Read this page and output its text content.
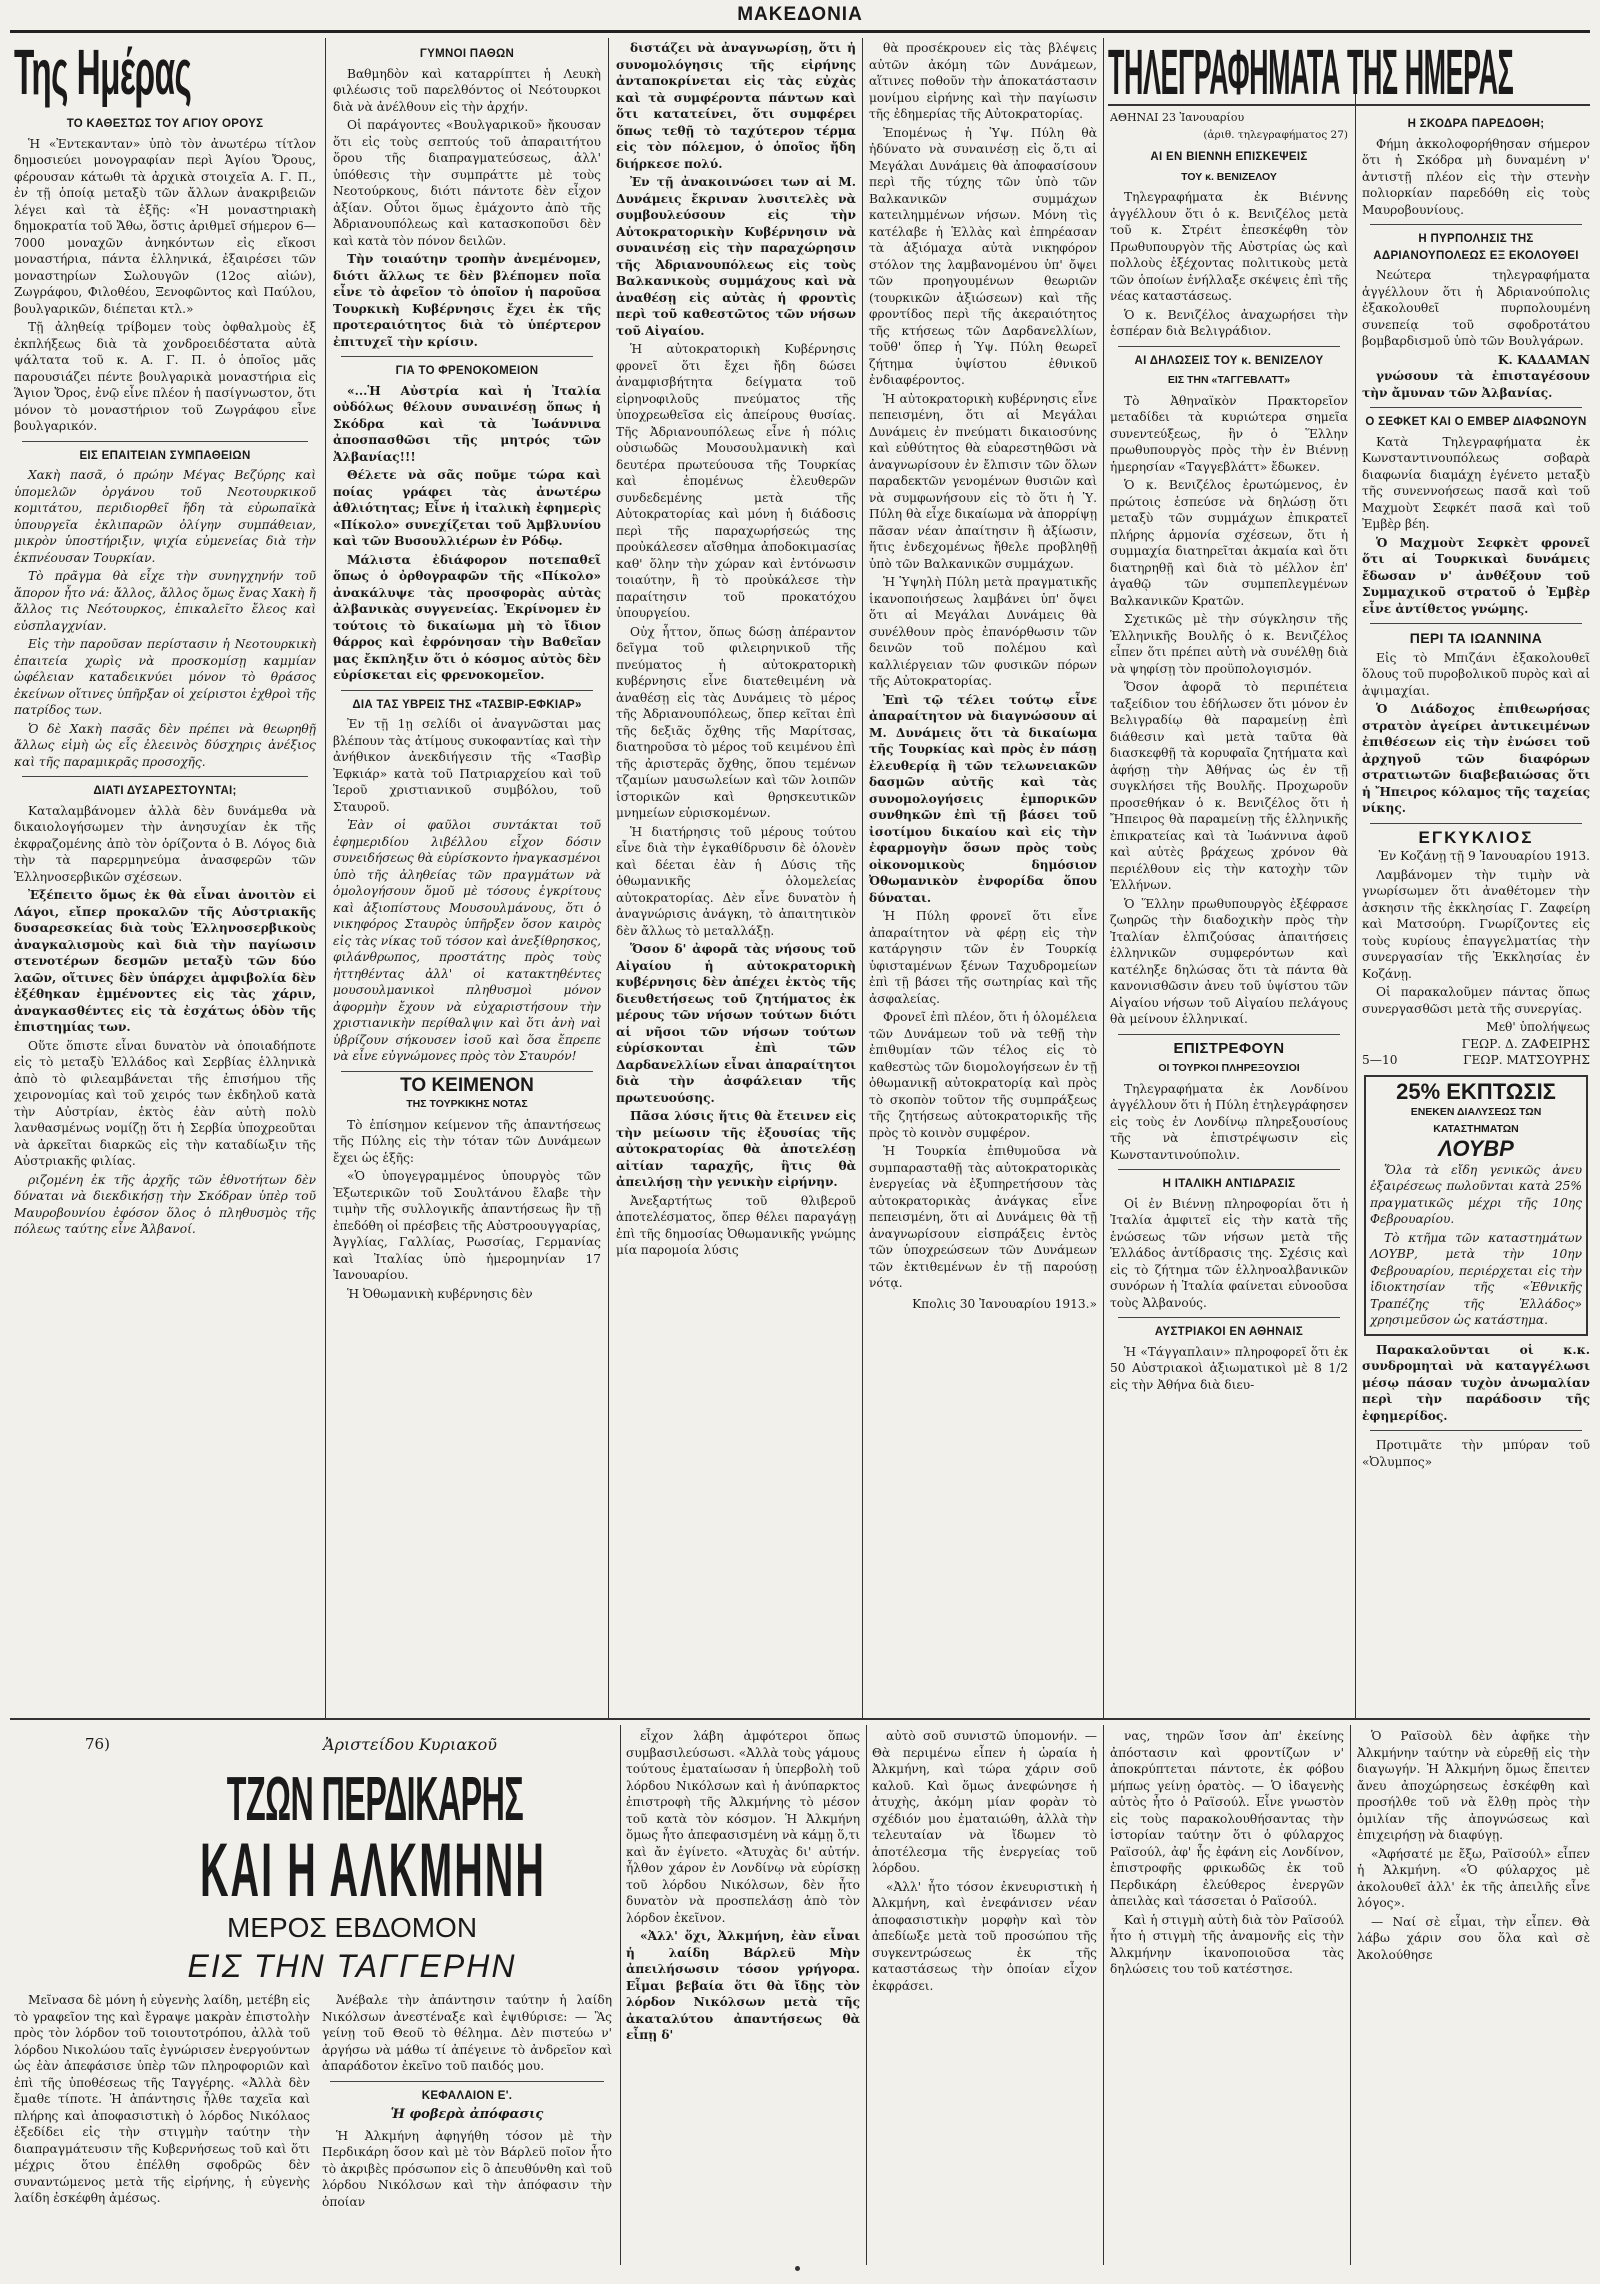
ΜΑΚΕΔΟΝΙΑ
Της Ημέρας
ΤΟ ΚΑΘΕΣΤΩΣ ΤΟΥ ΑΓΙΟΥ ΟΡΟΥΣ

Ἡ «Ἐντεκανταν» ὑπὸ τὸν ἀνωτέρω τίτλον δημοσιεύει μονογραφίαν περὶ Ἁγίου Ὄρους, φέρουσαν κάτωθι τὰ ἀρχικὰ στοιχεῖα Α. Γ. Π., ἐν τῇ ὁποίᾳ μεταξὺ τῶν ἄλλων ἀνακριβειῶν λέγει καὶ τὰ ἑξῆς: «Ἡ μοναστηριακὴ δημοκρατία τοῦ Ἄθω, ὅστις ἀριθμεῖ σήμερον 6—7000 μοναχῶν ἀνηκόντων εἰς εἴκοσι μοναστήρια, πάντα ἑλληνικά, ἐξαιρέσει τῶν μοναστηρίων Σωλουγῶν (12ος αἰών), Ζωγράφου, Φιλοθέου, Ξενοφῶντος καὶ Παύλου, βουλγαρικῶν, διέπεται κτλ.»

Τῇ ἀληθείᾳ τρίβομεν τοὺς ὀφθαλμοὺς ἐξ ἐκπλήξεως διὰ τὰ χονδροειδέστατα αὐτὰ ψάλτατα τοῦ κ. Α. Γ. Π. ὁ ὁποῖος μᾶς παρουσιάζει πέντε βουλγαρικὰ μοναστήρια εἰς Ἅγιον Ὄρος, ἐνῷ εἶνε πλέον ἡ πασίγνωστον, ὅτι μόνον τὸ μοναστήριον τοῦ Ζωγράφου εἶνε βουλγαρικόν.

ΕΙΣ ΕΠΑΙΤΕΙΑΝ ΣΥΜΠΑΘΕΙΩΝ

Χακὴ πασᾶ, ὁ πρώην Μέγας Βεζύρης καὶ ὑπομελῶν ὀργάνου τοῦ Νεοτουρκικοῦ κομιτάτου, περιδιορθεῖ ἤδη τὰ εὐρωπαϊκὰ ὑπουργεῖα ἐκλιπαρῶν ὀλίγην συμπάθειαν, μικρὸν ὑποστήριξιν, ψιχία εὐμενείας διὰ τὴν ἑκπνέουσαν Τουρκίαν.

Τὸ πρᾶγμα θὰ εἶχε τὴν συνηγχηνήν τοῦ ἅπορον ἦτο νά: ἄλλος, ἄλλος ὅμως ἔνας Χακὴ ἤ ἄλλος τις Νεότουρκος, ἐπικαλεῖτο ἔλεος καὶ εὐσπλαγχνίαν.

Εἰς τὴν παροῦσαν περίστασιν ἡ Νεοτουρκικὴ ἐπαιτεία χωρὶς νὰ προσκομίσῃ καμμίαν ὠφέλειαν καταδεικνύει μόνον τὸ θράσος ἐκείνων οἵτινες ὑπῆρξαν οἱ χείριστοι ἐχθροὶ τῆς πατρίδος των.

Ὁ δὲ Χακὴ πασᾶς δὲν πρέπει νὰ θεωρηθῇ ἄλλως εἰμὴ ὡς εἷς ἐλεεινὸς δύσχηρις ἀνέξιος καὶ τῆς παραμικρᾶς προσοχῆς.

ΔΙΑΤΙ ΔΥΣΑΡΕΣΤΟΥΝΤΑΙ;

Καταλαμβάνομεν ἀλλὰ δὲν δυνάμεθα νὰ δικαιολογήσωμεν τὴν ἀνησυχίαν ἐκ τῆς ἐκφραζομένης ἀπὸ τὸν ὁρίζοντα ὁ Β. Λόγος διὰ τὴν τὰ παρερμηνεύμα ἀνασφερῶν τῶν Ἑλληνοσερβικῶν σχέσεων.

Ἐξέπειτο ὅμως ἐκ θὰ εἶναι ἀνοιτὸν εἰ Λάγοι, εἴπερ προκαλῶν τῆς Αὐστριακῆς δυσαρεσκείας διὰ τοὺς Ἑλληνοσερβικοὺς ἀναγκαλισμοὺς καὶ διὰ τὴν παγίωσιν στενοτέρων δεσμῶν μεταξὺ τῶν δύο λαῶν, οἵτινες δὲν ὑπάρχει ἀμφιβολία δὲν ἐξέθηκαν ἐμμένοντες εἰς τὰς χάριν, ἀναγκασθέντες εἰς τὰ ἐσχάτως ὁδὸν τῆς ἐπιστημίας των.

Οὕτε ὅπιστε εἶναι δυνατὸν νὰ ὁποιαδήποτε εἰς τὸ μεταξὺ Ἑλλάδος καὶ Σερβίας ἑλληνικὰ ἀπὸ τὸ φιλεαμβάνεται τῆς ἐπισήμου τῆς χειρονομίας καὶ τοῦ χειρός των ἐκδηλοῦ κατὰ τὴν Αὐστρίαν, ἐκτὸς ἐὰν αὐτὴ πολὺ λανθασμένως νομίζῃ ὅτι ἡ Σερβία ὑποχρεοῦται νὰ ἀρκεῖται διαρκῶς εἰς τὴν καταδίωξιν τῆς Αὐστριακῆς φιλίας.

ριζομένη ἐκ τῆς ἀρχῆς τῶν ἐθνοτήτων δὲν δύναται νὰ διεκδικήσῃ τὴν Σκόδραν ὑπὲρ τοῦ Μαυροβουνίου ἐφόσον ὅλος ὁ πληθυσμὸς τῆς πόλεως ταύτης εἶνε Ἀλβανοί.

ΓΥΜΝΟΙ ΠΑΘΩΝ

Βαθμηδὸν καὶ καταρρίπτει ἡ Λευκὴ φιλέωσις τοῦ παρελθόντος οἱ Νεότουρκοι διὰ νὰ ἀνέλθουν εἰς τὴν ἀρχήν.

Οἱ παράγοντες «Βουλγαρικοῦ» ἤκουσαν ὅτι εἰς τοὺς σεπτούς τοῦ ἀπαραιτήτου ὅρου τῆς διαπραγματεύσεως, ἀλλ' ὑπόθεσις τὴν συμπράττε μὲ τοὺς Νεοτούρκους, διότι πάντοτε δὲν εἶχον ἀξίαν. Οὗτοι ὅμως ἐμάχοντο ἀπὸ τῆς Ἀδριανουπόλεως καὶ κατασκοποῦσι δὲν καὶ κατὰ τὸν πόνον δειλῶν.

Τὴν τοιαύτην τροπὴν ἀνεμένομεν, διότι ἄλλως τε δὲν βλέπομεν ποῖα εἶνε τὸ ἀφεῖον τὸ ὁποῖον ἡ παροῦσα Τουρκικὴ Κυβέρνησις ἔχει ἐκ τῆς προτεραιότητος διὰ τὸ ὑπέρτερον ἐπιτυχεῖ τὴν κρίσιν.

ΓΙΑ ΤΟ ΦΡΕΝΟΚΟΜΕΙΟΝ

«...Ἡ Αὐστρία καὶ ἡ Ἰταλία οὐδόλως θέλουν συναινέσῃ ὅπως ἡ Σκόδρα καὶ τὰ Ἰωάννινα ἀποσπασθῶσι τῆς μητρός τῶν Ἀλβανίας!!!

Θέλετε νὰ σᾶς ποῦμε τώρα καὶ ποίας γράφει τὰς ἀνωτέρω ἀθλιότητας; Εἶνε ἡ ἰταλικὴ ἐφημερὶς «Πίκολο» συνεχίζεται τοῦ Ἀμβλυνίου καὶ τῶν Βυσουλλιέρων ἐν Ρόδῳ.

Μάλιστα ἐδιάφορον ποτεπαθεῖ ὅπως ὁ ὀρθογραφῶν τῆς «Πίκολο» ἀνακάλυψε τὰς προσφορὰς αὐτὰς ἀλβανικὰς συγγενείας. Ἐκρίνομεν ἐν τούτοις τὸ δικαίωμα μὴ τὸ ἴδιον θάρρος καὶ ἐφρόνησαν τὴν Βαθεῖαν μας ἔκπληξιν ὅτι ὁ κόσμος αὐτὸς δὲν εὑρίσκεται εἰς φρενοκομεῖον.

ΔΙΑ ΤΑΣ ΥΒΡΕΙΣ ΤΗΣ «ΤΑΣΒΙΡ-ΕΦΚΙΑΡ»

Ἐν τῇ 1ῃ σελίδι οἱ ἀναγνῶσται μας βλέπουν τὰς ἀτίμους συκοφαντίας καὶ τὴν ἀνήθικον ἀνεκδιήγεσιν τῆς «Τασβὶρ Ἐφκιάρ» κατὰ τοῦ Πατριαρχείου καὶ τοῦ Ἱεροῦ χριστιανικοῦ συμβόλου, τοῦ Σταυροῦ.

Ἐὰν οἱ φαῦλοι συντάκται τοῦ ἐφημεριδίου λιβέλλου εἶχον δόσιν συνειδήσεως θὰ εὑρίσκοντο ἠναγκασμένοι ὑπὸ τῆς ἀληθείας τῶν πραγμάτων νὰ ὁμολογήσουν ὅμοῦ μὲ τόσους ἐγκρίτους καὶ ἀξιοπίστους Μουσουλμάνους, ὅτι ὁ νικηφόρος Σταυρὸς ὑπῆρξεν ὅσον καιρὸς εἰς τὰς νίκας τοῦ τόσον καὶ ἀνεξίθρησκος, φιλάνθρωπος, προστάτης πρὸς τοὺς ἠττηθέντας ἀλλ' οἱ κατακτηθέντες μουσουλμανικοὶ πληθυσμοὶ μόνον ἀφορμὴν ἔχουν νὰ εὐχαριστήσουν τὴν χριστιανικὴν περίθαλψιν καὶ ὅτι ἀνὴ ναὶ ὑβρίζουν σήκουσεν ἰσοῦ καὶ ὅσα ἔπρεπε νὰ εἶνε εὐγνώμονες πρὸς τὸν Σταυρόν!

ΤΟ ΚΕΙΜΕΝΟΝ
ΤΗΣ ΤΟΥΡΚΙΚΗΣ ΝΟΤΑΣ

Τὸ ἐπίσημον κείμενον τῆς ἀπαντήσεως τῆς Πύλης εἰς τὴν τόταν τῶν Δυνάμεων ἔχει ὡς ἑξῆς:

«Ὁ ὑπογεγραμμένος ὑπουργὸς τῶν Ἐξωτερικῶν τοῦ Σουλτάνου ἔλαβε τὴν τιμὴν τῆς συλλογικῆς ἀπαντήσεως ἣν τῇ ἐπεδόθη οἱ πρέσβεις τῆς Αὐστροουγγαρίας, Ἀγγλίας, Γαλλίας, Ρωσσίας, Γερμανίας καὶ Ἰταλίας ὑπὸ ἡμερομηνίαν 17 Ἰανουαρίου.

Ἡ Ὀθωμανικὴ κυβέρνησις δὲν

διστάζει νὰ ἀναγνωρίσῃ, ὅτι ἡ συνομολόγησις τῆς εἰρήνης ἀνταποκρίνεται εἰς τὰς εὐχὰς καὶ τὰ συμφέροντα πάντων καὶ ὅτι κατατείνει, ὅτι συμφέρει ὅπως τεθῇ τὸ ταχύτερον τέρμα εἰς τὸν πόλεμον, ὁ ὁποῖος ἤδη διήρκεσε πολύ.

Ἐν τῇ ἀνακοινώσει των αἱ Μ. Δυνάμεις ἔκριναν λυσιτελὲς νὰ συμβουλεύσουν εἰς τὴν Αὐτοκρατορικὴν Κυβέρνησιν νὰ συναινέσῃ εἰς τὴν παραχώρησιν τῆς Ἀδριανουπόλεως εἰς τοὺς Βαλκανικοὺς συμμάχους καὶ νὰ ἀναθέσῃ εἰς αὐτὰς ἡ φροντὶς περὶ τοῦ καθεστῶτος τῶν νήσων τοῦ Αἰγαίου.

Ἡ αὐτοκρατορικὴ Κυβέρνησις φρονεῖ ὅτι ἔχει ἤδη δώσει ἀναμφισβήτητα δείγματα τοῦ εἰρηνοφιλοῦς πνεύματος τῆς ὑποχρεωθεῖσα εἰς ἀπείρους θυσίας. Τῆς Ἀδριανουπόλεως εἶνε ἡ πόλις οὐσιωδῶς Μουσουλμανικὴ καὶ δευτέρα πρωτεύουσα τῆς Τουρκίας καὶ ἐπομένως ἐλευθερῶν συνδεδεμένης μετὰ τῆς Αὐτοκρατορίας καὶ μόνη ἡ διάδοσις περὶ τῆς παραχωρήσεώς της προὐκάλεσεν αἴσθημα ἀποδοκιμασίας καθ' ὅλην τὴν χώραν καὶ ἐντόνωσιν τοιαύτην, ἢ τὸ προὐκάλεσε τὴν παραίτησιν τοῦ προκατόχου ὑπουργείου.

Οὐχ ἧττον, ὅπως δώσῃ ἀπέραντον δεῖγμα τοῦ φιλειρηνικοῦ τῆς πνεύματος ἡ αὐτοκρατορικὴ κυβέρνησις εἶνε διατεθειμένη νὰ ἀναθέσῃ εἰς τὰς Δυνάμεις τὸ μέρος τῆς Ἀδριανουπόλεως, ὅπερ κεῖται ἐπὶ τῆς δεξιᾶς ὄχθης τῆς Μαρίτσας, διατηροῦσα τὸ μέρος τοῦ κειμένου ἐπὶ τῆς ἀριστερᾶς ὄχθης, ὅπου τεμένων τζαμίων μαυσωλείων καὶ τῶν λοιπῶν ἱστορικῶν καὶ θρησκευτικῶν μνημείων εὑρισκομένων.

Ἡ διατήρησις τοῦ μέρους τούτου εἶνε διὰ τὴν ἐγκαθίδρυσιν δὲ ὁλονὲν καὶ δέεται ἐὰν ἡ Δύσις τῆς ὀθωμανικῆς ὁλομελείας αὐτοκρατορίας. Δὲν εἶνε δυνατὸν ἡ ἀναγνώρισις ἀνάγκη, τὸ ἀπαιτητικὸν δὲν ἄλλως τὸ μεταλλάξῃ.

Ὅσον δ' ἀφορᾶ τὰς νήσους τοῦ Αἰγαίου ἡ αὐτοκρατορικὴ κυβέρνησις δὲν ἀπέχει ἐκτὸς τῆς διευθετήσεως τοῦ ζητήματος ἐκ μέρους τῶν νήσων τούτων διότι αἱ νῆσοι τῶν νήσων τούτων εὑρίσκονται ἐπὶ τῶν Δαρδανελλίων εἶναι ἀπαραίτητοι διὰ τὴν ἀσφάλειαν τῆς πρωτευούσης.

Πᾶσα λύσις ἥτις θὰ ἔτεινεν εἰς τὴν μείωσιν τῆς ἐξουσίας τῆς αὐτοκρατορίας θὰ ἀποτελέσῃ αἰτίαν ταραχῆς, ἣτις θὰ ἀπειλήσῃ τὴν γενικὴν εἰρήνην.

Ἀνεξαρτήτως τοῦ θλιβεροῦ ἀποτελέσματος, ὅπερ θέλει παραγάγῃ ἐπὶ τῆς δημοσίας Ὀθωμανικῆς γνώμης μία παρομοία λύσις

θὰ προσέκρουεν εἰς τὰς βλέψεις αὐτῶν ἀκόμη τῶν Δυνάμεων, αἵτινες ποθοῦν τὴν ἀποκατάστασιν μονίμου εἰρήνης καὶ τὴν παγίωσιν τῆς ἐδημερίας τῆς Αὐτοκρατορίας.

Ἐπομένως ἡ Ὑψ. Πύλη θὰ ἠδύνατο νὰ συναινέσῃ εἰς ὅ,τι αἱ Μεγάλαι Δυνάμεις θὰ ἀποφασίσουν περὶ τῆς τύχης τῶν ὑπὸ τῶν Βαλκανικῶν συμμάχων κατειλημμένων νήσων. Μόνη τὶς κατέλαβε ἡ Ἑλλὰς καὶ ἐπηρέασαν τὰ ἀξιόμαχα αὐτὰ νικηφόρον στόλον της λαμβανομένου ὑπ' ὄψει τῶν προηγουμένων θεωριῶν (τουρκικῶν ἀξιώσεων) καὶ τῆς φροντίδος περὶ τῆς ἀκεραιότητος τῆς κτήσεως τῶν Δαρδανελλίων, τοῦθ' ὅπερ ἡ Ὑψ. Πύλη θεωρεῖ ζήτημα ὑψίστου ἐθνικοῦ ἐνδιαφέροντος.

Ἡ αὐτοκρατορικὴ κυβέρνησις εἶνε πεπεισμένη, ὅτι αἱ Μεγάλαι Δυνάμεις ἐν πνεύματι δικαιοσύνης καὶ εὐθύτητος θὰ εὐαρεστηθῶσι νὰ ἀναγνωρίσουν ἐν ἔλπισιν τῶν ὅλων παραδεκτῶν γενομένων θυσιῶν καὶ νὰ συμφωνήσουν εἰς τὸ ὅτι ἡ Ὑ. Πύλη θὰ εἶχε δικαίωμα νὰ ἀπορρίψῃ πᾶσαν νέαν ἀπαίτησιν ἢ ἀξίωσιν, ἥτις ἐνδεχομένως ἤθελε προβληθῇ ὑπὸ τῶν Βαλκανικῶν συμμάχων.

Ἡ Ὑψηλὴ Πύλη μετὰ πραγματικῆς ἱκανοποιήσεως λαμβάνει ὑπ' ὄψει ὅτι αἱ Μεγάλαι Δυνάμεις θὰ συνέλθουν πρὸς ἐπανόρθωσιν τῶν δεινῶν τοῦ πολέμου καὶ καλλιέργειαν τῶν φυσικῶν πόρων τῆς Αὐτοκρατορίας.

Ἐπὶ τῷ τέλει τούτῳ εἶνε ἀπαραίτητον νὰ διαγνώσουν αἱ Μ. Δυνάμεις ὅτι τὰ δικαίωμα τῆς Τουρκίας καὶ πρὸς ἐν πάσῃ ἐλευθερίᾳ ἢ τῶν τελωνειακῶν δασμῶν αὐτῆς καὶ τὰς συνομολογήσεις ἐμπορικῶν συνθηκῶν ἐπὶ τῇ βάσει τοῦ ἰσοτίμου δικαίου καὶ εἰς τὴν ἐφαρμογὴν ὅσων πρὸς τοὺς οἰκονομικοὺς δημόσιον Ὀθωμανικὸν ἐνφορίδα ὅπου δύναται.

Ἡ Πύλη φρονεῖ ὅτι εἶνε ἀπαραίτητον νὰ φέρῃ εἰς τὴν κατάργησιν τῶν ἐν Τουρκίᾳ ὑφισταμένων ξένων Ταχυδρομείων ἐπὶ τῇ βάσει τῆς σωτηρίας καὶ τῆς ἀσφαλείας.

Φρονεῖ ἐπὶ πλέον, ὅτι ἡ ὁλομέλεια τῶν Δυνάμεων τοῦ νὰ τεθῇ τὴν ἐπιθυμίαν τῶν τέλος εἰς τὸ καθεστὼς τῶν διομολογήσεων ἐν τῇ ὀθωμανικῇ αὐτοκρατορίᾳ καὶ πρὸς τὸ σκοπὸν τοῦτον τῆς συμπράξεως τῆς ζητήσεως αὐτοκρατορικῆς τῆς πρὸς τὸ κοινὸν συμφέρον.

Ἡ Τουρκία ἐπιθυμοῦσα νὰ συμπαρασταθῇ τὰς αὐτοκρατορικὰς ἐνεργείας νὰ ἐξυπηρετήσουν τὰς αὐτοκρατορικὰς ἀνάγκας εἶνε πεπεισμένη, ὅτι αἱ Δυνάμεις θὰ τῇ ἀναγνωρίσουν εἰσπράξεις ἐντὸς τῶν ὑποχρεώσεων τῶν Δυνάμεων τῶν ἐκτιθεμένων ἐν τῇ παρούσῃ νότᾳ.

Κπολις 30 Ἰανουαρίου 1913.»
ΤΗΛΕΓΡΑΦΗΜΑΤΑ ΤΗΣ ΗΜΕΡΑΣ
ΑΘΗΝΑΙ 23 Ἰανουαρίου
(ἀριθ. τηλεγραφήματος 27)
ΑΙ ΕΝ ΒΙΕΝΝΗ ΕΠΙΣΚΕΨΕΙΣ
ΤΟΥ κ. ΒΕΝΙΖΕΛΟΥ

Τηλεγραφήματα ἐκ Βιέννης ἀγγέλλουν ὅτι ὁ κ. Βενιζέλος μετὰ τοῦ κ. Στρέιτ ἐπεσκέφθη τὸν Πρωθυπουργὸν τῆς Αὐστρίας ὡς καὶ πολλοὺς ἐξέχοντας πολιτικοὺς μετὰ τῶν ὁποίων ἐνήλλαξε σκέψεις ἐπὶ τῆς νέας καταστάσεως.

Ὁ κ. Βενιζέλος ἀναχωρήσει τὴν ἑσπέραν διὰ Βελιγράδιον.

ΑΙ ΔΗΛΩΣΕΙΣ ΤΟΥ κ. ΒΕΝΙΖΕΛΟΥ
ΕΙΣ ΤΗΝ «ΤΑΓΓΕΒΛΑΤΤ»

Τὸ Ἀθηναϊκὸν Πρακτορεῖον μεταδίδει τὰ κυριώτερα σημεῖα συνεντεύξεως, ἣν ὁ Ἕλλην πρωθυπουργὸς πρὸς τὴν ἐν Βιέννῃ ἡμερησίαν «Ταγγεβλάττ» ἔδωκεν.

Ὁ κ. Βενιζέλος ἐρωτώμενος, ἐν πρώτοις ἐσπεύσε νὰ δηλώσῃ ὅτι μεταξὺ τῶν συμμάχων ἐπικρατεῖ πλήρης ἁρμονία σχέσεων, ὅτι ἡ συμμαχία διατηρεῖται ἀκμαία καὶ ὅτι διατηρηθῇ καὶ διὰ τὸ μέλλον ἐπ' ἀγαθῷ τῶν συμπεπλεγμένων Βαλκανικῶν Κρατῶν.

Σχετικῶς μὲ τὴν σύγκλησιν τῆς Ἑλληνικῆς Βουλῆς ὁ κ. Βενιζέλος εἶπεν ὅτι πρέπει αὐτὴ νὰ συνέλθῃ διὰ νὰ ψηφίσῃ τὸν προϋπολογισμόν.

Ὅσον ἀφορᾶ τὸ περιπέτεια ταξείδιον του ἐδήλωσεν ὅτι μόνον ἐν Βελιγραδίῳ θὰ παραμείνῃ ἐπὶ διάθεσιν καὶ μετὰ ταῦτα θὰ διασκεφθῇ τὰ κορυφαῖα ζητήματα καὶ ἀφήσῃ τὴν Ἀθήνας ὡς ἐν τῇ συγκλήσει τῆς Βουλῆς. Προχωροῦν προσεθήκαν ὁ κ. Βενιζέλος ὅτι ἡ Ἤπειρος θὰ παραμείνῃ τῆς ἑλληνικῆς ἐπικρατείας καὶ τὰ Ἰωάννινα ἀφοῦ καὶ αὐτὲς βράχεως χρόνον θὰ περιέλθουν εἰς τὴν κατοχὴν τῶν Ἑλλήνων.

Ὁ Ἕλλην πρωθυπουργὸς ἐξέφρασε ζωηρῶς τὴν διαδοχικὴν πρὸς τὴν Ἰταλίαν ἐλπιζούσας ἀπαιτήσεις ἑλληνικῶν συμφερόντων καὶ κατέληξε δηλώσας ὅτι τὰ πάντα θὰ κανονισθῶσιν ἀνευ τοῦ ὑψίστου τῶν Αἰγαίου νήσων τοῦ Αἰγαίου πελάγους θὰ μείνουν ἑλληνικαί.

ΕΠΙΣΤΡΕΦΟΥΝ
ΟΙ ΤΟΥΡΚΟΙ ΠΛΗΡΕΞΟΥΣΙΟΙ

Τηλεγραφήματα ἐκ Λονδίνου ἀγγέλλουν ὅτι ἡ Πύλη ἐτηλεγράφησεν εἰς τοὺς ἐν Λονδίνῳ πληρεξουσίους τῆς νὰ ἐπιστρέψωσιν εἰς Κωνσταντινούπολιν.

Η ΙΤΑΛΙΚΗ ΑΝΤΙΔΡΑΣΙΣ

Οἱ ἐν Βιέννῃ πληροφορίαι ὅτι ἡ Ἰταλία ἀμφιτεῖ εἰς τὴν κατὰ τῆς ἑνώσεως τῶν νήσων μετὰ τῆς Ἑλλάδος ἀντίδρασις της. Σχέσις καὶ εἰς τὸ ζήτημα τῶν ἑλληνοαλβανικῶν συνόρων ἡ Ἰταλία φαίνεται εὐνοοῦσα τοὺς Ἀλβανούς.

ΑΥΣΤΡΙΑΚΟΙ ΕΝ ΑΘΗΝΑΙΣ

Ἡ «Τάγγαπλαιν» πληροφορεῖ ὅτι ἐκ 50 Αὐστριακοὶ ἀξιωματικοὶ μὲ 8 1/2 εἰς τὴν Ἀθήνα διὰ διευ-

Η ΣΚΟΔΡΑ ΠΑΡΕΔΟΘΗ;

Φήμη ἀκκολοφορήθησαν σήμερον ὅτι ἡ Σκόδρα μὴ δυναμένη ν' ἀντιστῇ πλέον εἰς τὴν στενὴν πολιορκίαν παρεδόθη εἰς τοὺς Μαυροβουνίους.

Η ΠΥΡΠΟΛΗΣΙΣ ΤΗΣ ΑΔΡΙΑΝΟΥΠΟΛΕΩΣ ΕΞ ΕΚΟΛΟΥΘΕΙ

Νεώτερα τηλεγραφήματα ἀγγέλλουν ὅτι ἡ Ἀδριανούπολις ἐξακολουθεῖ πυρπολουμένη συνεπείᾳ τοῦ σφοδροτάτου βομβαρδισμοῦ ὑπὸ τῶν Βουλγάρων.

Κ. ΚΑΔΑΜΑΝ

γνώσουν τὰ ἐπισταγέσουν τὴν ἄμυναν τῶν Ἀλβανίας.

Ο ΣΕΦΚΕΤ ΚΑΙ Ο ΕΜΒΕΡ ΔΙΑΦΩΝΟΥΝ

Κατὰ Τηλεγραφήματα ἐκ Κωνσταντινουπόλεως σοβαρὰ διαφωνία διαμάχη ἐγένετο μεταξὺ τῆς συνεννοήσεως πασᾶ καὶ τοῦ Μαχμοὺτ Σεφκέτ πασᾶ καὶ τοῦ Ἐμβὲρ βέη.

Ὁ Μαχμοὺτ Σεφκὲτ φρονεῖ ὅτι αἱ Τουρκικαὶ δυνάμεις ἔδωσαν ν' ἀνθέξουν τοῦ Συμμαχικοῦ στρατοῦ ὁ Ἐμβὲρ εἶνε ἀντίθετος γνώμης.

ΠΕΡΙ ΤΑ ΙΩΑΝΝΙΝΑ

Εἰς τὸ Μπιζάνι ἐξακολουθεῖ ὅλους τοῦ πυροβολικοῦ πυρὸς καὶ αἱ ἀψιμαχίαι.

Ὁ Διάδοχος ἐπιθεωρήσας στρατὸν ἀγείρει ἀντικειμένων ἐπιθέσεων εἰς τὴν ἐνώσει τοῦ ἀρχηγοῦ τῶν διαφόρων στρατιωτῶν διαβεβαιώσας ὅτι ἡ Ἤπειρος κόλαμος τῆς ταχείας νίκης.

ΕΓΚΥΚΛΙΟΣ

Ἐν Κοζάνῃ τῇ 9 Ἰανουαρίου 1913.

Λαμβάνομεν τὴν τιμὴν νὰ γνωρίσωμεν ὅτι ἀναθέτομεν τὴν ἀσκησιν τῆς ἐκκλησίας Γ. Ζαφείρη καὶ Ματσούρη. Γνωρίζοντες εἰς τοὺς κυρίους ἐπαγγελματίας τὴν συνεργασίαν τῆς Ἐκκλησίας ἐν Κοζάνῃ.

Οἱ παρακαλοῦμεν πάντας ὅπως συνεργασθῶσι μετὰ τῆς συνεργίας.

Μεθ' ὑπολήψεως
ΓΕΩΡ. Δ. ΖΑΦΕΙΡΗΣ
5—10	ΓΕΩΡ. ΜΑΤΣΟΥΡΗΣ
25% ΕΚΠΤΩΣΙΣ
ΕΝΕΚΕΝ ΔΙΑΛΥΣΕΩΣ ΤΩΝ ΚΑΤΑΣΤΗΜΑΤΩΝ
ΛΟΥΒΡ

Ὅλα τὰ εἴδη γενικῶς ἀνευ ἐξαιρέσεως πωλοῦνται κατὰ 25% πραγματικῶς μέχρι τῆς 10ης Φεβρουαρίου.

Τὸ κτῆμα τῶν καταστημάτων ΛΟΥΒΡ, μετὰ τὴν 10ην Φεβρουαρίου, περιέρχεται εἰς τὴν ἰδιοκτησίαν τῆς «Ἐθνικῆς Τραπέζης τῆς Ἑλλάδος» χρησιμεῦσον ὡς κατάστημα.

Παρακαλοῦνται οἱ κ.κ. συνδρομηταὶ νὰ καταγγέλωσι μέσῳ πάσαν τυχὸν ἀνωμαλίαν περὶ τὴν παράδοσιν τῆς ἐφημερίδος.

Προτιμᾶτε τὴν μπύραν τοῦ «Ὀλυμπος»

76)	Ἀριστείδου Κυριακοῦ
ΤΖΩΝ ΠΕΡΔΙΚΑΡΗΣ
ΚΑΙ Η ΑΛΚΜΗΝΗ
ΜΕΡΟΣ ΕΒΔΟΜΟΝ
ΕΙΣ ΤΗΝ ΤΑΓΓΕΡΗΝ

Μεῖνασα δὲ μόνη ἡ εὐγενὴς λαίδη, μετέβη εἰς τὸ γραφεῖον της καὶ ἔγραψε μακρὰν ἐπιστολὴν πρὸς τὸν λόρδον τοῦ τοιουτοτρόπου, ἀλλὰ τοῦ λόρδου Νικολώου ταῖς ἐγνώρισεν ἐνεργούντων ὡς ἐὰν ἀπεφάσισε ὑπὲρ τῶν πληροφοριῶν καὶ ἐπὶ τῆς ὑποθέσεως τῆς Ταγγέρης. «Ἀλλὰ δὲν ἔμαθε τίποτε. Ἡ ἀπάντησις ἦλθε ταχεῖα καὶ πλήρης καὶ ἀποφασιστικὴ ὁ λόρδος Νικόλαος ἐξεδίδει εἰς τὴν στιγμὴν ταύτην τὴν διαπραγμάτευσιν τῆς Κυβερνήσεως τοῦ καὶ ὅτι μέχρις ὅτου ἐπέλθη σφοδρῶς δὲν συναντώμενος μετὰ τῆς εἰρήνης, ἡ εὐγενὴς λαίδη ἐσκέφθη ἀμέσως.

Ἀνέβαλε τὴν ἀπάντησιν ταύτην ἡ λαίδη Νικόλσων ἀνεστέναξε καὶ ἐψιθύρισε: — Ἂς γείνῃ τοῦ Θεοῦ τὸ θέλημα. Δὲν πιστεύω ν' ἀργήσω νὰ μάθω τί ἀπέγεινε τὸ ἀνδρεῖον καὶ ἀπαράδοτον ἐκεῖνο τοῦ παιδός μου.

ΚΕΦΑΛΑΙΟΝ Ε'.
Ἡ φοβερὰ ἀπόφασις

Ἡ Ἀλκμήνη ἀφηγήθη τόσον μὲ τὴν Περδικάρη ὅσον καὶ μὲ τὸν Βάρλεϋ ποῖον ἦτο τὸ ἀκριβὲς πρόσωπον εἰς ὃ ἀπευθύνθη καὶ τοῦ λόρδου Νικόλσων καὶ τὴν ἀπόφασιν τὴν ὁποίαν

εἶχον λάβη ἀμφότεροι ὅπως συμβασιλεύσωσι. «Ἀλλὰ τοὺς γάμους τούτους ἐματαίωσαν ἡ ὑπερβολὴ τοῦ λόρδου Νικόλσων καὶ ἡ ἀνύπαρκτος ἐπιστροφὴ τῆς Ἀλκμήνης τὸ μέσον τοῦ κατὰ τὸν κόσμον. Ἡ Ἀλκμήνη ὅμως ἦτο ἀπεφασισμένη νὰ κάμῃ ὅ,τι καὶ ἄν ἐγίνετο. «Ἀτυχὰς δι' αὐτήν. ἦλθον χάρον ἐν Λονδίνῳ νὰ εὑρίσκῃ τοῦ λόρδου Νικόλσων, δὲν ἦτο δυνατὸν νὰ προσπελάσῃ ἀπὸ τὸν λόρδον ἐκεῖνον.

«Ἀλλ' ὅχι, Ἀλκμήνη, ἐὰν εἶναι ἡ λαίδη Βάρλεϋ Μὴν ἀπειλήσωσιν τόσον γρήγορα. Εἶμαι βεβαία ὅτι θὰ ἴδῃς τὸν λόρδον Νικόλσων μετὰ τῆς ἀκαταλύτου ἀπαντήσεως θὰ εἶπῃ δ'

αὐτὸ σοῦ συνιστῶ ὑπομονήν. — Θὰ περιμένω εἶπεν ἡ ὡραία ἡ Ἀλκμήνη, καὶ τώρα χάριν σοῦ καλοῦ. Καὶ ὅμως ἀνεφώνησε ἡ ἀτυχὴς, ἀκόμη μίαν φορὰν τὸ σχέδιόν μου ἐματαιώθη, ἀλλὰ τὴν τελευταίαν νὰ ἴδωμεν τὸ ἀποτέλεσμα τῆς ἐνεργείας τοῦ λόρδου.

«Ἀλλ' ἦτο τόσον ἐκνευριστικὴ ἡ Ἀλκμήνη, καὶ ἐνεφάνισεν νέαν ἀποφασιστικὴν μορφὴν καὶ τὸν ἀπεδίωξε μετὰ τοῦ προσώπου τῆς συγκεντρώσεως ἐκ τῆς καταστάσεως τὴν ὁποίαν εἶχον ἐκφράσει.

νας, τηρῶν ἴσον ἀπ' ἐκείνης ἀπόστασιν καὶ φροντίζων ν' ἀποκρύπτεται πάντοτε, ἐκ φόβου μήπως γείνῃ ὁρατὸς. — Ὁ ἰδαγενὴς αὐτὸς ἦτο ὁ Ραϊσούλ. Εἶνε γνωστὸν εἰς τοὺς παρακολουθήσαντας τὴν ἱστορίαν ταύτην ὅτι ὁ φύλαρχος Ραϊσούλ, ἀφ' ἧς ἐφάνη εἰς Λονδίνον, ἐπιστροφῆς φρικωδῶς ἐκ τοῦ Περδικάρη ἐλεύθερος ἐνεργῶν ἀπειλὰς καὶ τάσσεται ὁ Ραϊσούλ.

Καὶ ἡ στιγμὴ αὐτὴ διὰ τὸν Ραϊσούλ ἦτο ἡ στιγμὴ τῆς ἀναμονῆς εἰς τὴν Ἀλκμήνην ἱκανοποιοῦσα τὰς δηλώσεις του τοῦ κατέστησε.

Ὁ Ραϊσοὺλ δὲν ἀφῆκε τὴν Ἀλκμήνην ταύτην νὰ εὑρεθῇ εἰς τὴν διαγωγήν. Ἡ Ἀλκμήνη ὅμως ἔπειτεν ἄνευ ἀποχώρησεως ἐσκέφθη καὶ προσήλθε τοῦ νὰ ἔλθῃ πρὸς τὴν ὁμιλίαν τῆς ἀπογνώσεως καὶ ἐπιχειρήσῃ νὰ διαφύγῃ.

«Ἀφήσατέ με ἔξω, Ραϊσούλ» εἶπεν ἡ Ἀλκμήνη. «Ὁ φύλαρχος μὲ ἀκολουθεῖ ἀλλ' ἐκ τῆς ἀπειλῆς εἶνε λόγος».

— Ναί σὲ εἶμαι, τὴν εἶπεν. Θὰ λάβω χάριν σου ὅλα καὶ σὲ Ἀκολούθησε
